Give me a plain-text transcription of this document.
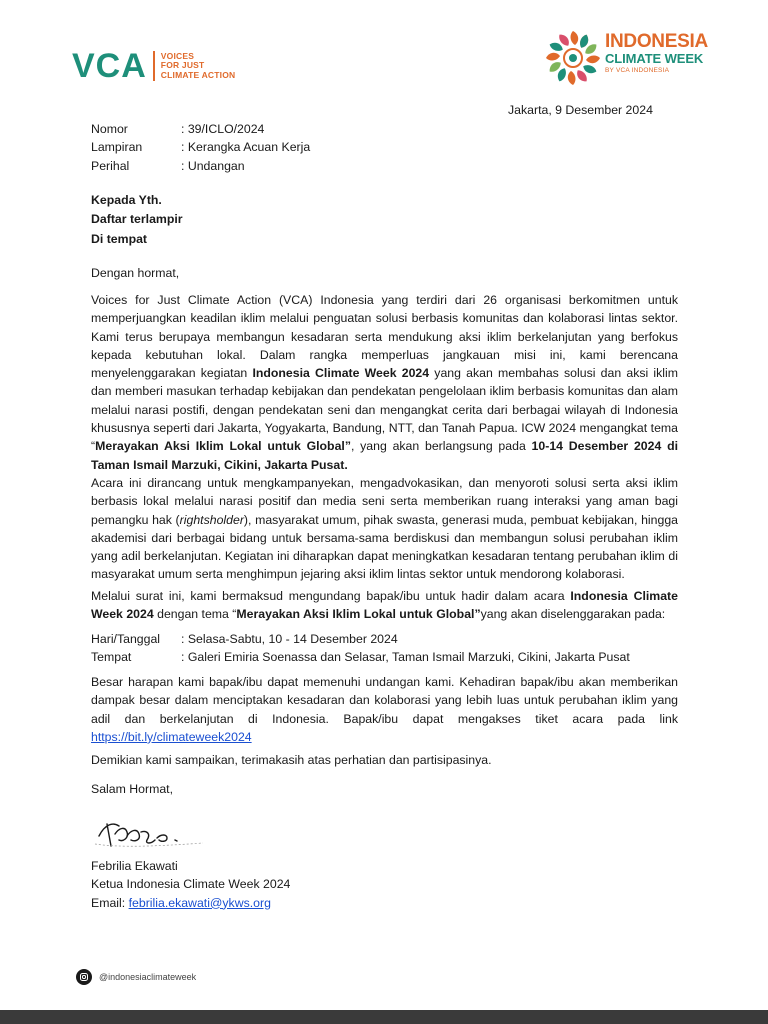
VCA VOICES
FOR JUST
CLIMATE ACTION
INDONESIA
CLIMATE WEEK
BY VCA INDONESIA
Jakarta, 9 Desember 2024
Nomor	: 39/ICLO/2024
Lampiran	: Kerangka Acuan Kerja
Perihal	: Undangan
Kepada Yth.
Daftar terlampir
Di tempat
Dengan hormat,
Voices for Just Climate Action (VCA) Indonesia yang terdiri dari 26 organisasi berkomitmen untuk memperjuangkan keadilan iklim melalui penguatan solusi berbasis komunitas dan kolaborasi lintas sektor. Kami terus berupaya membangun kesadaran serta mendukung aksi iklim berkelanjutan yang berfokus kepada kebutuhan lokal. Dalam rangka memperluas jangkauan misi ini, kami berencana menyelenggarakan kegiatan Indonesia Climate Week 2024 yang akan membahas solusi dan aksi iklim dan memberi masukan terhadap kebijakan dan pendekatan pengelolaan iklim berbasis komunitas dan alam melalui narasi postifi, dengan pendekatan seni dan mengangkat cerita dari berbagai wilayah di Indonesia khususnya seperti dari Jakarta, Yogyakarta, Bandung, NTT, dan Tanah Papua. ICW 2024 mengangkat tema “Merayakan Aksi Iklim Lokal untuk Global”, yang akan berlangsung pada 10-14 Desember 2024 di Taman Ismail Marzuki, Cikini, Jakarta Pusat.
Acara ini dirancang untuk mengkampanyekan, mengadvokasikan, dan menyoroti solusi serta aksi iklim berbasis lokal melalui narasi positif dan media seni serta memberikan ruang interaksi yang aman bagi pemangku hak (rightsholder), masyarakat umum, pihak swasta, generasi muda, pembuat kebijakan, hingga akademisi dari berbagai bidang untuk bersama-sama berdiskusi dan membangun solusi perubahan iklim yang adil berkelanjutan. Kegiatan ini diharapkan dapat meningkatkan kesadaran tentang perubahan iklim di masyarakat umum serta menghimpun jejaring aksi iklim lintas sektor untuk mendorong kolaborasi.
Melalui surat ini, kami bermaksud mengundang bapak/ibu untuk hadir dalam acara Indonesia Climate Week 2024 dengan tema “Merayakan Aksi Iklim Lokal untuk Global”yang akan diselenggarakan pada:
Hari/Tanggal	: Selasa-Sabtu, 10 - 14 Desember 2024
Tempat	: Galeri Emiria Soenassa dan Selasar, Taman Ismail Marzuki, Cikini, Jakarta Pusat
Besar harapan kami bapak/ibu dapat memenuhi undangan kami. Kehadiran bapak/ibu akan memberikan dampak besar dalam menciptakan kesadaran dan kolaborasi yang lebih luas untuk perubahan iklim yang adil dan berkelanjutan di Indonesia. Bapak/ibu dapat mengakses tiket acara pada link https://bit.ly/climateweek2024
Demikian kami sampaikan, terimakasih atas perhatian dan partisipasinya.
Salam Hormat,
Febrilia Ekawati
Ketua Indonesia Climate Week 2024
Email: febrilia.ekawati@ykws.org
@indonesiaclimateweek
